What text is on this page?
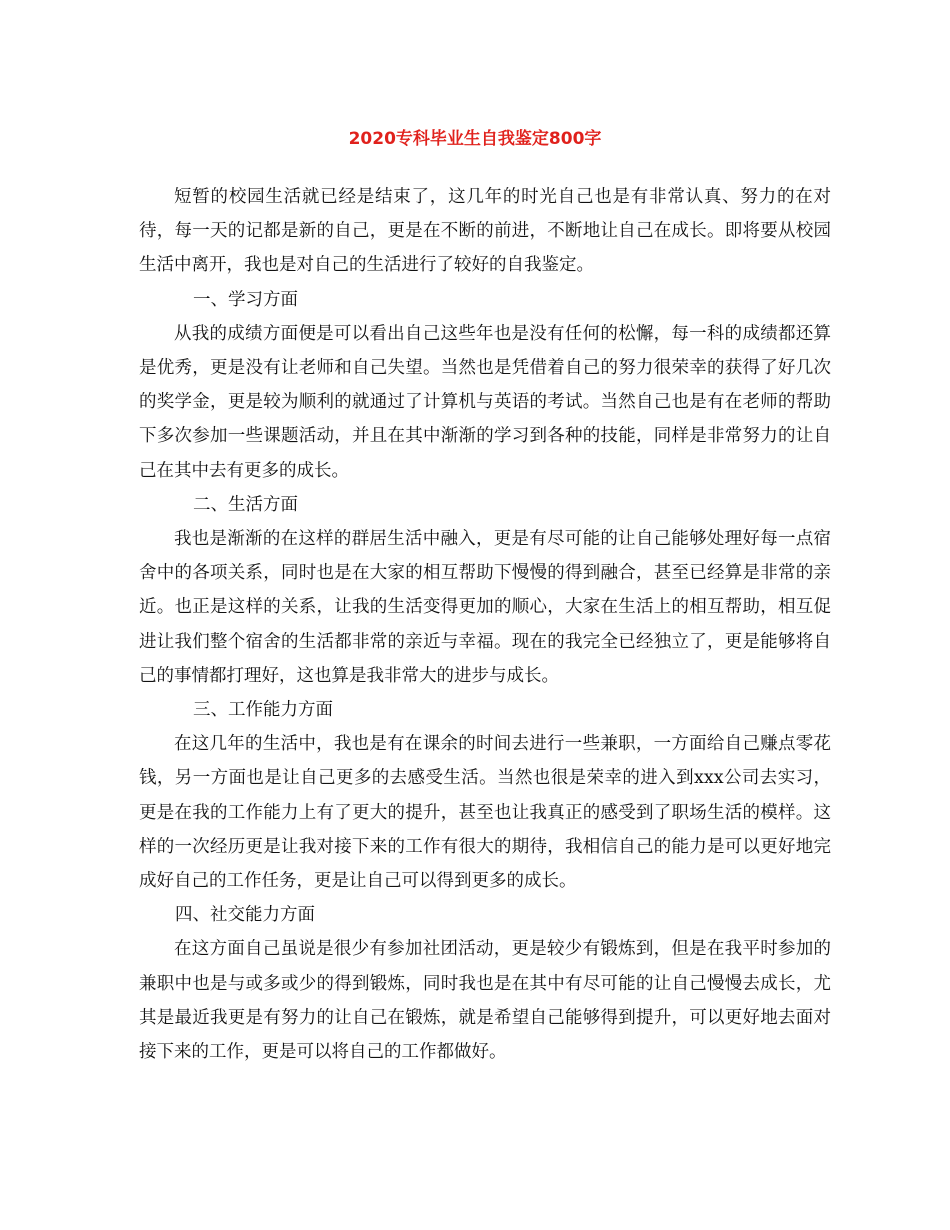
2020专科毕业生自我鉴定800字

短暂的校园生活就已经是结束了，这几年的时光自己也是有非常认真、努力的在对待，每一天的记都是新的自己，更是在不断的前进，不断地让自己在成长。即将要从校园生活中离开，我也是对自己的生活进行了较好的自我鉴定。

一、学习方面

从我的成绩方面便是可以看出自己这些年也是没有任何的松懈，每一科的成绩都还算是优秀，更是没有让老师和自己失望。当然也是凭借着自己的努力很荣幸的获得了好几次的奖学金，更是较为顺利的就通过了计算机与英语的考试。当然自己也是有在老师的帮助下多次参加一些课题活动，并且在其中渐渐的学习到各种的技能，同样是非常努力的让自己在其中去有更多的成长。

二、生活方面

我也是渐渐的在这样的群居生活中融入，更是有尽可能的让自己能够处理好每一点宿舍中的各项关系，同时也是在大家的相互帮助下慢慢的得到融合，甚至已经算是非常的亲近。也正是这样的关系，让我的生活变得更加的顺心，大家在生活上的相互帮助，相互促进让我们整个宿舍的生活都非常的亲近与幸福。现在的我完全已经独立了，更是能够将自己的事情都打理好，这也算是我非常大的进步与成长。

三、工作能力方面

在这几年的生活中，我也是有在课余的时间去进行一些兼职，一方面给自己赚点零花钱，另一方面也是让自己更多的去感受生活。当然也很是荣幸的进入到xxx公司去实习，更是在我的工作能力上有了更大的提升，甚至也让我真正的感受到了职场生活的模样。这样的一次经历更是让我对接下来的工作有很大的期待，我相信自己的能力是可以更好地完成好自己的工作任务，更是让自己可以得到更多的成长。

四、社交能力方面

在这方面自己虽说是很少有参加社团活动，更是较少有锻炼到，但是在我平时参加的兼职中也是与或多或少的得到锻炼，同时我也是在其中有尽可能的让自己慢慢去成长，尤其是最近我更是有努力的让自己在锻炼，就是希望自己能够得到提升，可以更好地去面对接下来的工作，更是可以将自己的工作都做好。
